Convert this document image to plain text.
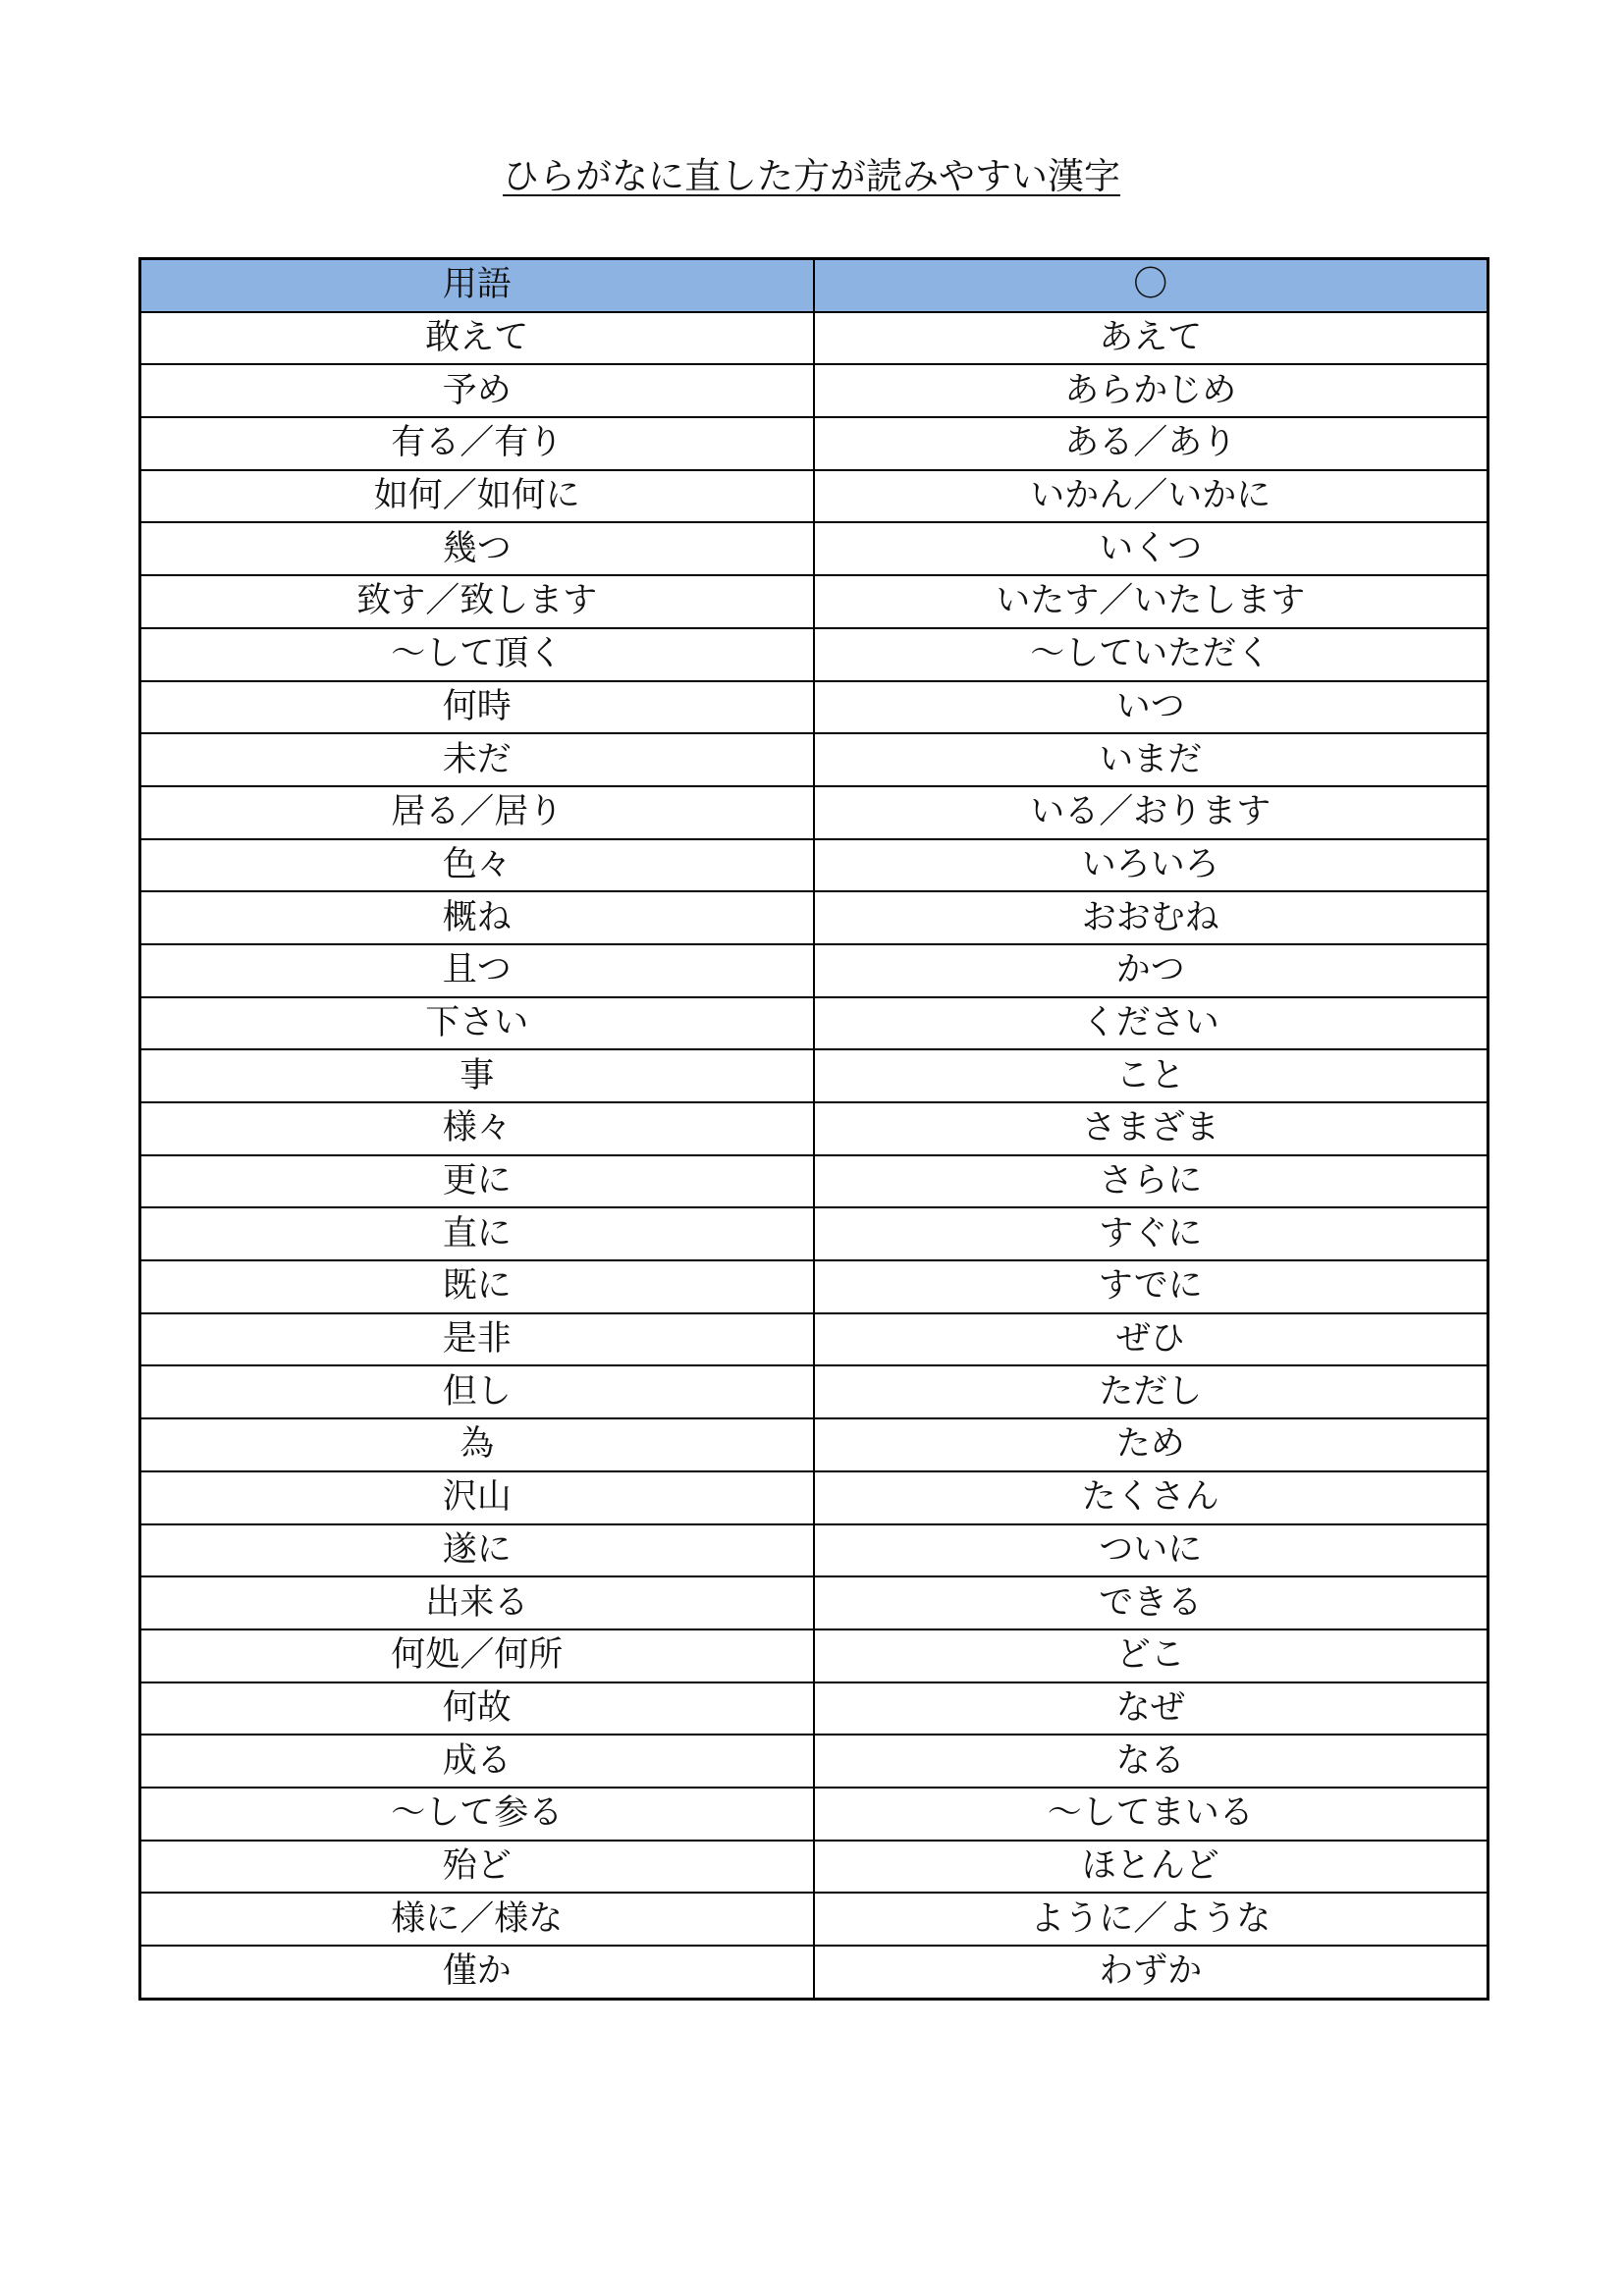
ひらがなに直した方が読みやすい漢字
用語	〇
敢えて	あえて
予め	あらかじめ
有る／有り	ある／あり
如何／如何に	いかん／いかに
幾つ	いくつ
致す／致します	いたす／いたします
～して頂く	～していただく
何時	いつ
未だ	いまだ
居る／居り	いる／おります
色々	いろいろ
概ね	おおむね
且つ	かつ
下さい	ください
事	こと
様々	さまざま
更に	さらに
直に	すぐに
既に	すでに
是非	ぜひ
但し	ただし
為	ため
沢山	たくさん
遂に	ついに
出来る	できる
何処／何所	どこ
何故	なぜ
成る	なる
～して参る	～してまいる
殆ど	ほとんど
様に／様な	ように／ような
僅か	わずか
